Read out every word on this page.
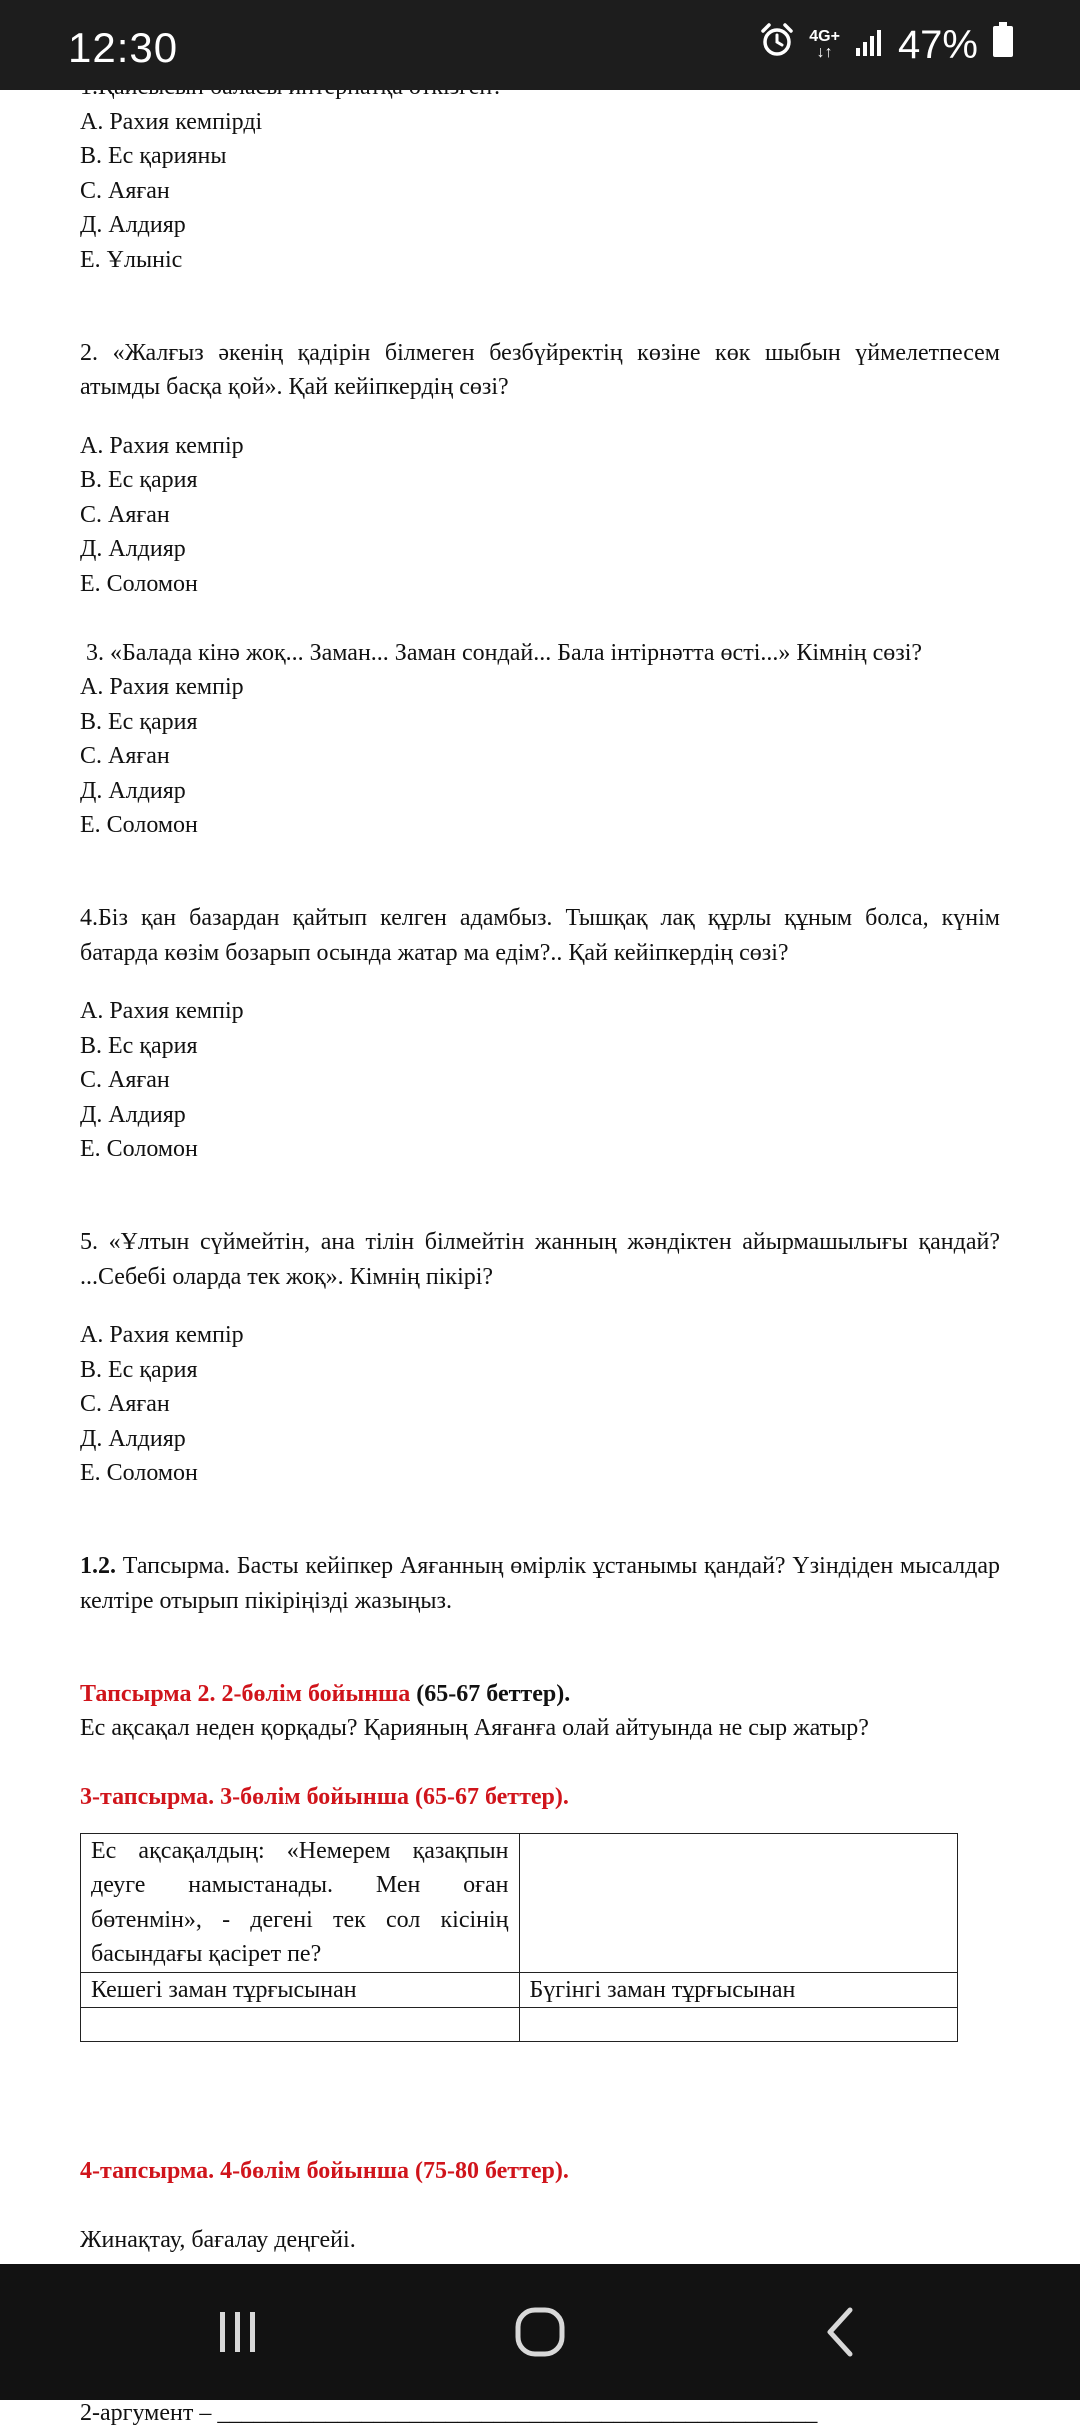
12:30	4G+
↓↑ 47%

А. Рахия кемпірді

В. Ес қарияны

С. Аяған

Д. Алдияр

Е. Ұлыніс

2. «Жалғыз әкенің қадірін білмеген безбүйректің көзіне көк шыбын үймелетпесем атымды басқа қой». Қай кейіпкердің сөзі?

А. Рахия кемпір

В. Ес қария

С. Аяған

Д. Алдияр

Е. Соломон

3. «Балада кінә жоқ... Заман... Заман сондай... Бала інтірнәтта өсті...» Кімнің сөзі?

А. Рахия кемпір

В. Ес қария

С. Аяған

Д. Алдияр

Е. Соломон

4.Біз қан базардан қайтып келген адамбыз. Тышқақ лақ құрлы құным болса, күнім батарда көзім бозарып осында жатар ма едім?.. Қай кейіпкердің сөзі?

А. Рахия кемпір

В. Ес қария

С. Аяған

Д. Алдияр

Е. Соломон

5. «Ұлтын сүймейтін, ана тілін білмейтін жанның жәндіктен айырмашылығы қандай? ...Себебі оларда тек жоқ». Кімнің пікірі?

А. Рахия кемпір

В. Ес қария

С. Аяған

Д. Алдияр

Е. Соломон

1.2. Тапсырма. Басты кейіпкер Аяғанның өмірлік ұстанымы қандай? Үзіндіден мысалдар келтіре отырып пікіріңізді жазыңыз.

Тапсырма 2. 2-бөлім бойынша (65-67 беттер).

Ес ақсақал неден қорқады? Қарияның Аяғанға олай айтуында не сыр жатыр?

3-тапсырма. 3-бөлім бойынша (65-67 беттер).

Ес ақсақалдың: «Немерем қазақпын деуге намыстанады. Мен оған бөтенмін», - дегені тек сол кісінің басындағы қасірет пе?	
Кешегі заман тұрғысынан	Бүгінгі заман тұрғысынан

4-тапсырма. 4-бөлім бойынша (75-80 беттер).

Жинақтау, бағалау деңгейі.

2-аргумент – __________________________________________________
